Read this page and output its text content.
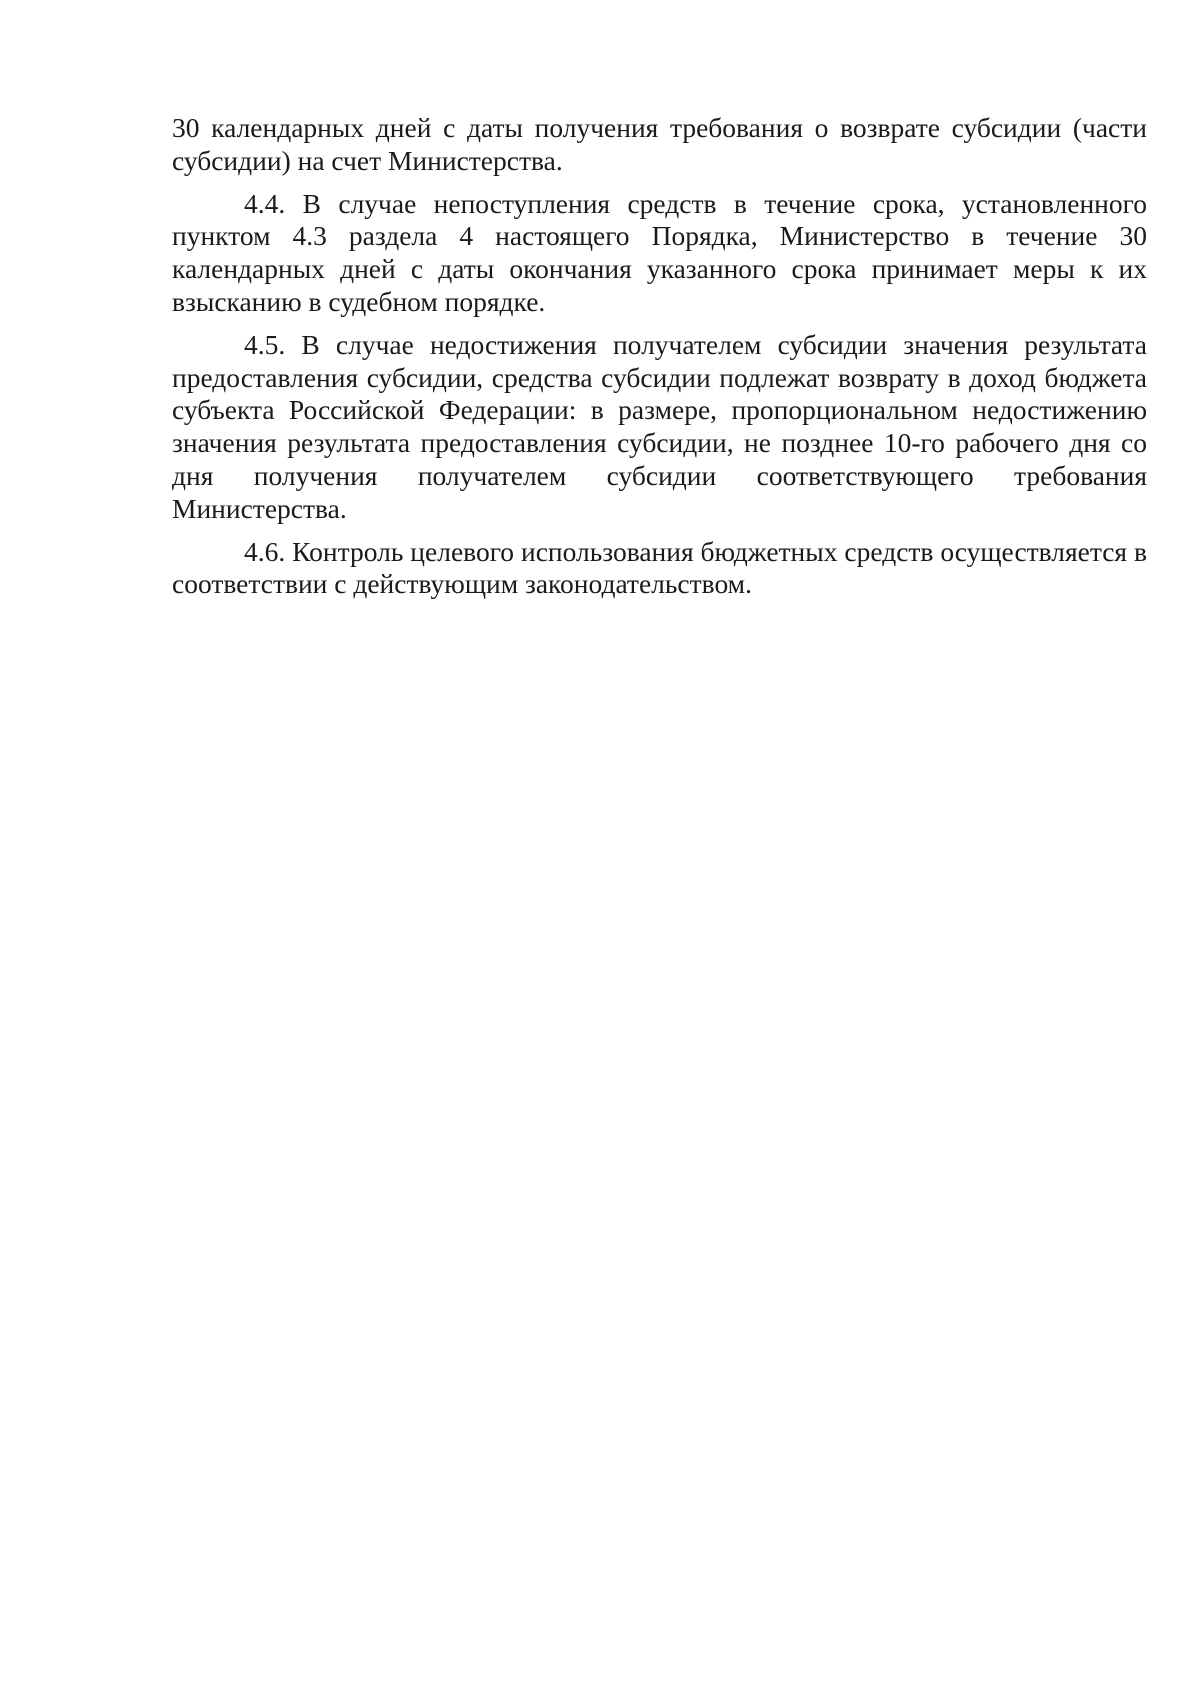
30 календарных дней с даты получения требования о возврате субсидии (части субсидии) на счет Министерства.

4.4. В случае непоступления средств в течение срока, установленного пунктом 4.3 раздела 4 настоящего Порядка, Министерство в течение 30 календарных дней с даты окончания указанного срока принимает меры к их взысканию в судебном порядке.

4.5. В случае недостижения получателем субсидии значения результата предоставления субсидии, средства субсидии подлежат возврату в доход бюджета субъекта Российской Федерации: в размере, пропорциональном недостижению значения результата предоставления субсидии, не позднее 10-го рабочего дня со дня получения получателем субсидии соответствующего требования Министерства.

4.6. Контроль целевого использования бюджетных средств осуществляется в соответствии с действующим законодательством.
